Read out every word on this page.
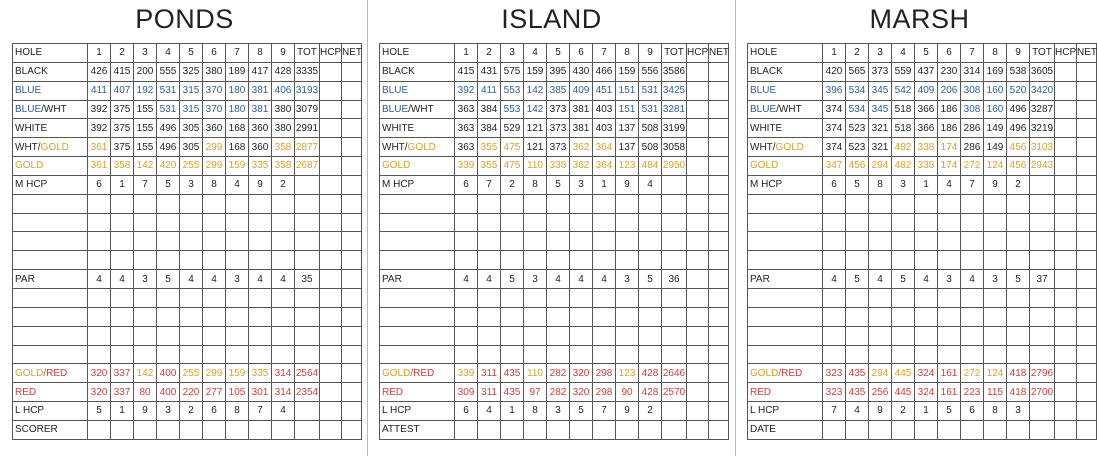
PONDS
HOLE	1	2	3	4	5	6	7	8	9	TOT	HCP	NET
BLACK	426	415	200	555	325	380	189	417	428	3335		
BLUE	411	407	192	531	315	370	180	381	406	3193		
BLUE/WHT	392	375	155	531	315	370	180	381	380	3079		
WHITE	392	375	155	496	305	360	168	360	380	2991		
WHT/GOLD	361	375	155	496	305	299	168	360	358	2877		
GOLD	361	358	142	420	255	299	159	335	358	2687		
M HCP	6	1	7	5	3	8	4	9	2			

PAR	4	4	3	5	4	4	3	4	4	35		

GOLD/RED	320	337	142	400	255	299	159	335	314	2564		
RED	320	337	80	400	220	277	105	301	314	2354		
L HCP	5	1	9	3	2	6	8	7	4			
SCORER												
ISLAND
HOLE	1	2	3	4	5	6	7	8	9	TOT	HCP	NET
BLACK	415	431	575	159	395	430	466	159	556	3586		
BLUE	392	411	553	142	385	409	451	151	531	3425		
BLUE/WHT	363	384	553	142	373	381	403	151	531	3281		
WHITE	363	384	529	121	373	381	403	137	508	3199		
WHT/GOLD	363	355	475	121	373	362	364	137	508	3058		
GOLD	339	355	475	110	338	362	364	123	484	2950		
M HCP	6	7	2	8	5	3	1	9	4			

PAR	4	4	5	3	4	4	4	3	5	36		

GOLD/RED	339	311	435	110	282	320	298	123	428	2646		
RED	309	311	435	97	282	320	298	90	428	2570		
L HCP	6	4	1	8	3	5	7	9	2			
ATTEST												
MARSH
HOLE	1	2	3	4	5	6	7	8	9	TOT	HCP	NET
BLACK	420	565	373	559	437	230	314	169	538	3605		
BLUE	396	534	345	542	409	206	308	160	520	3420		
BLUE/WHT	374	534	345	518	366	186	308	160	496	3287		
WHITE	374	523	321	518	366	186	286	149	496	3219		
WHT/GOLD	374	523	321	482	338	174	286	149	456	3103		
GOLD	347	456	294	482	338	174	272	124	456	2943		
M HCP	6	5	8	3	1	4	7	9	2			

PAR	4	5	4	5	4	3	4	3	5	37		

GOLD/RED	323	435	294	445	324	161	272	124	418	2796		
RED	323	435	256	445	324	161	223	115	418	2700		
L HCP	7	4	9	2	1	5	6	8	3			
DATE												
